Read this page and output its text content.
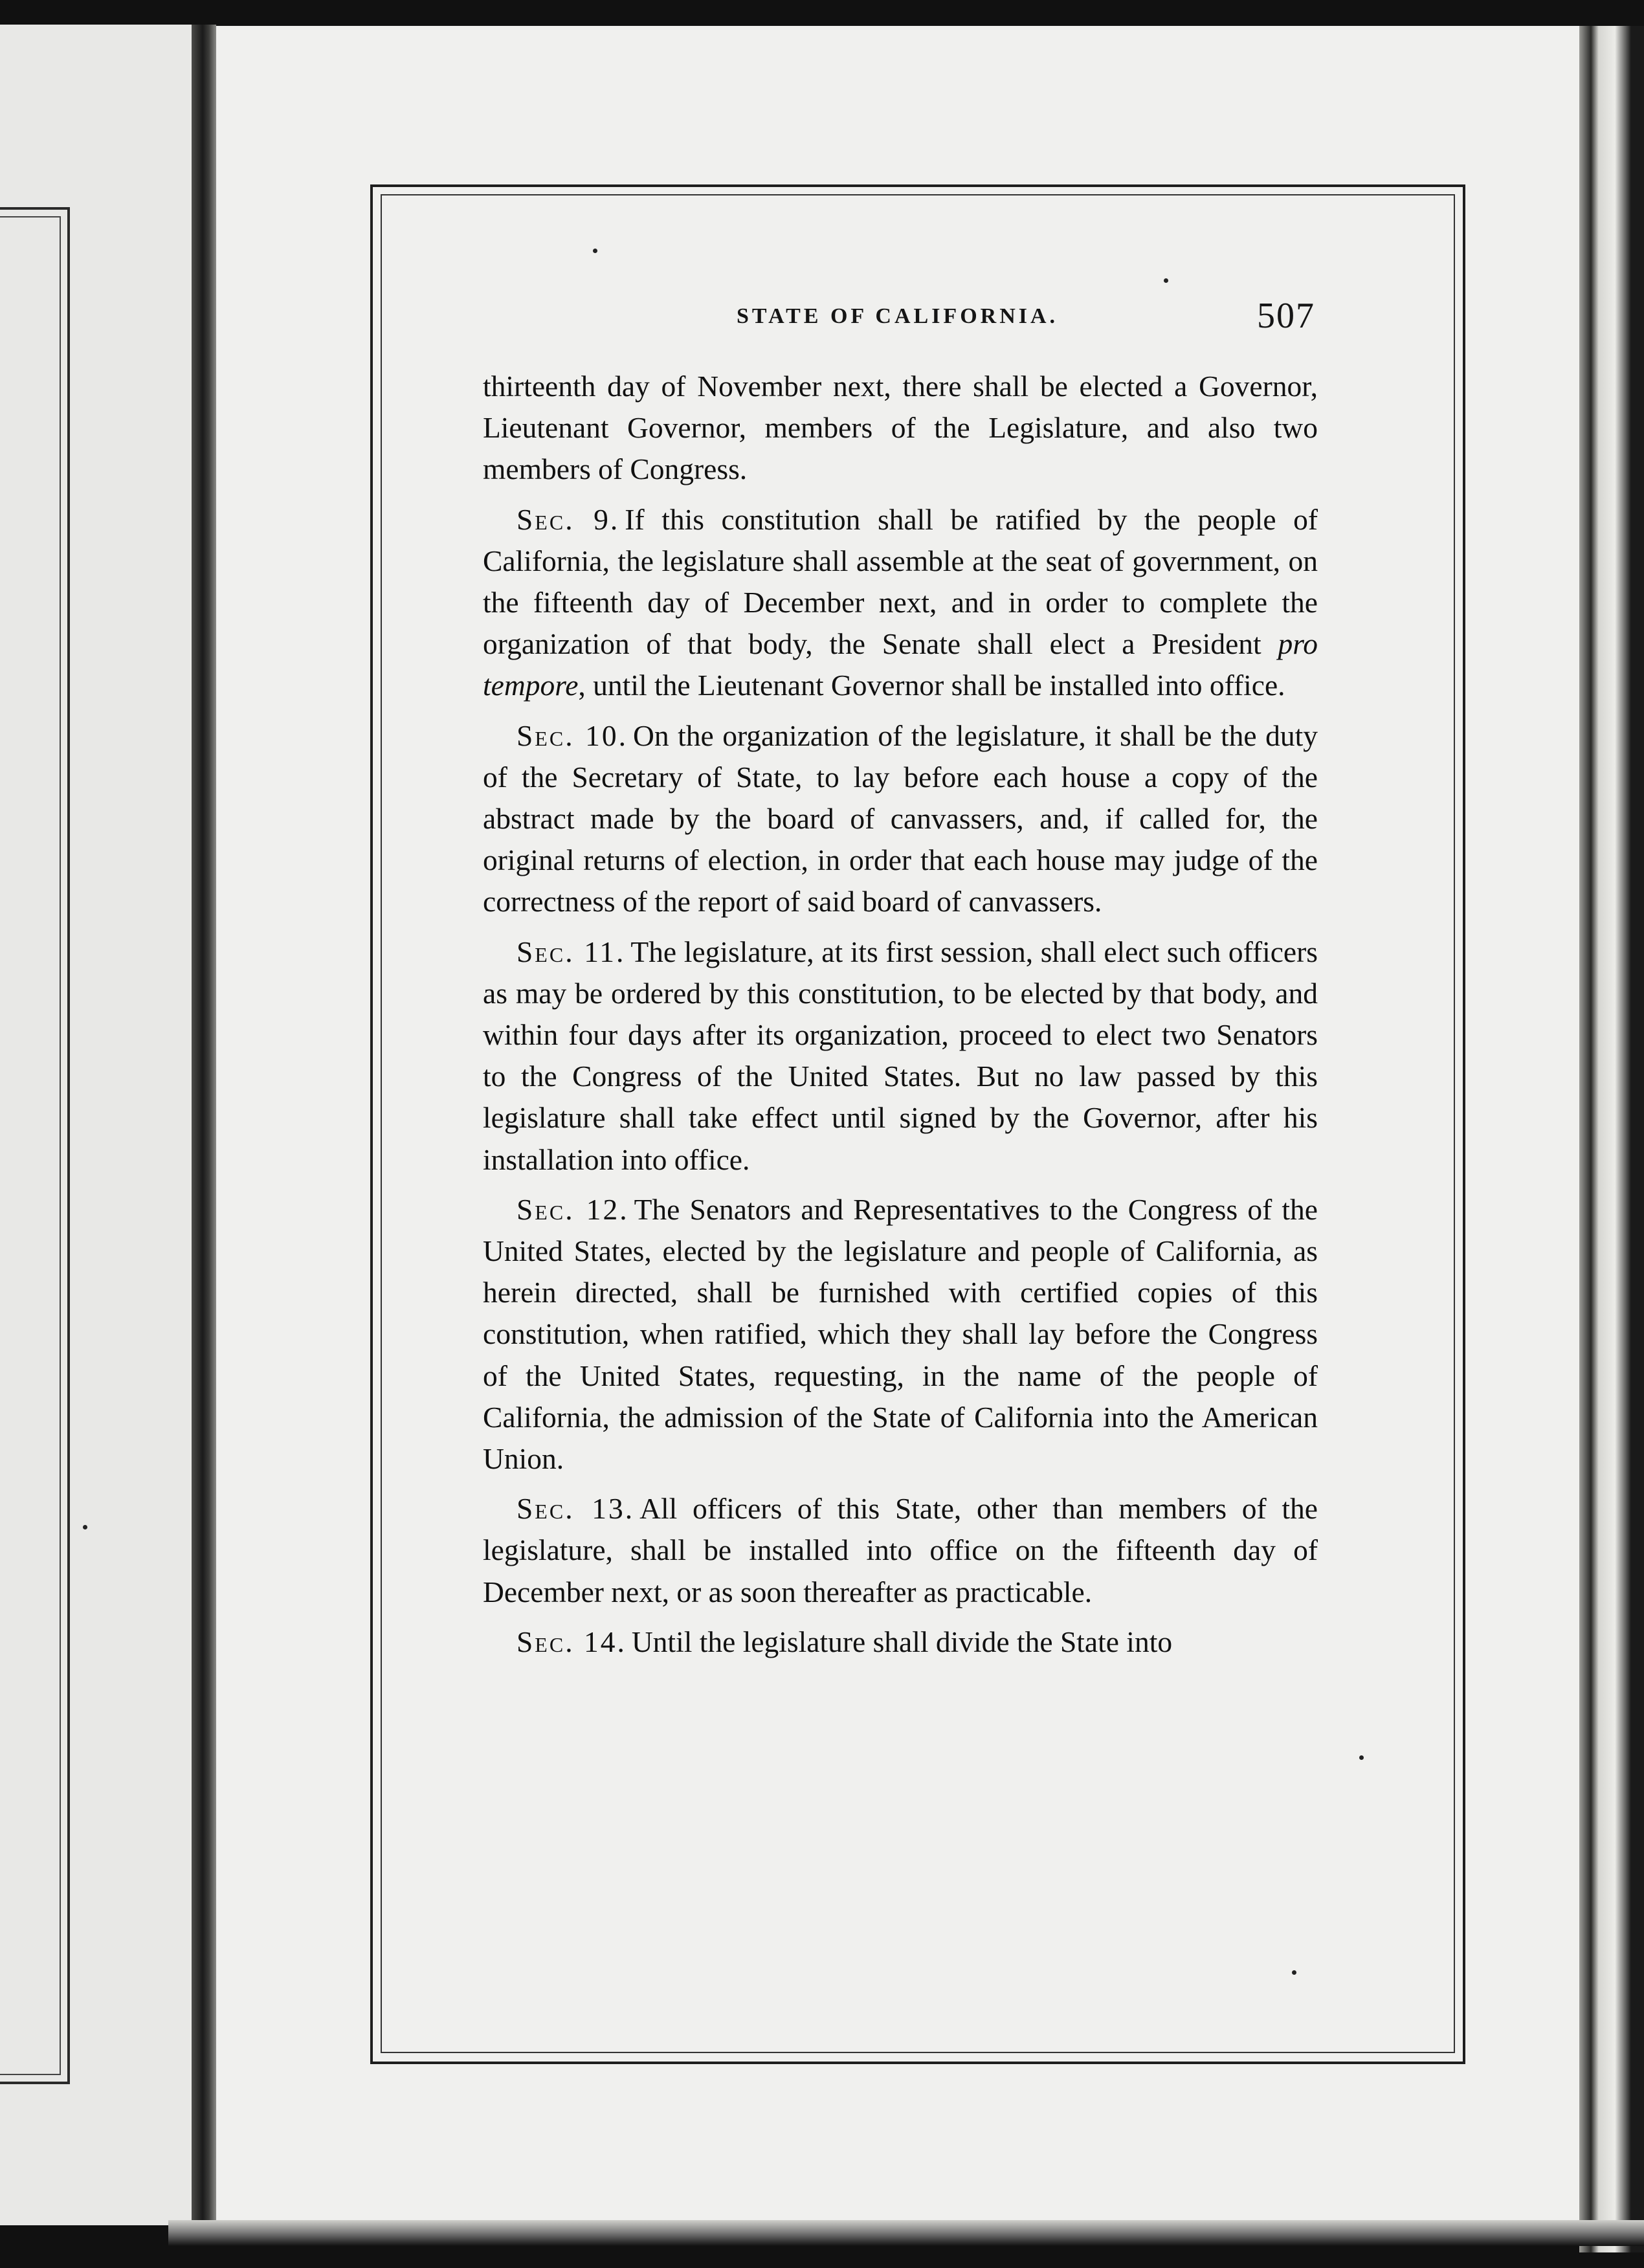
STATE OF CALIFORNIA.	507

thirteenth day of November next, there shall be elected a Governor, Lieutenant Governor, members of the Legislature, and also two members of Congress.

Sec. 9. If this constitution shall be ratified by the people of California, the legislature shall assemble at the seat of government, on the fifteenth day of December next, and in order to complete the organization of that body, the Senate shall elect a President pro tempore, until the Lieutenant Governor shall be installed into office.

Sec. 10. On the organization of the legislature, it shall be the duty of the Secretary of State, to lay before each house a copy of the abstract made by the board of canvassers, and, if called for, the original returns of election, in order that each house may judge of the correctness of the report of said board of canvassers.

Sec. 11. The legislature, at its first session, shall elect such officers as may be ordered by this constitution, to be elected by that body, and within four days after its organization, proceed to elect two Senators to the Congress of the United States. But no law passed by this legislature shall take effect until signed by the Governor, after his installation into office.

Sec. 12. The Senators and Representatives to the Congress of the United States, elected by the legislature and people of California, as herein directed, shall be furnished with certified copies of this constitution, when ratified, which they shall lay before the Congress of the United States, requesting, in the name of the people of California, the admission of the State of California into the American Union.

Sec. 13. All officers of this State, other than members of the legislature, shall be installed into office on the fifteenth day of December next, or as soon thereafter as practicable.

Sec. 14. Until the legislature shall divide the State into
